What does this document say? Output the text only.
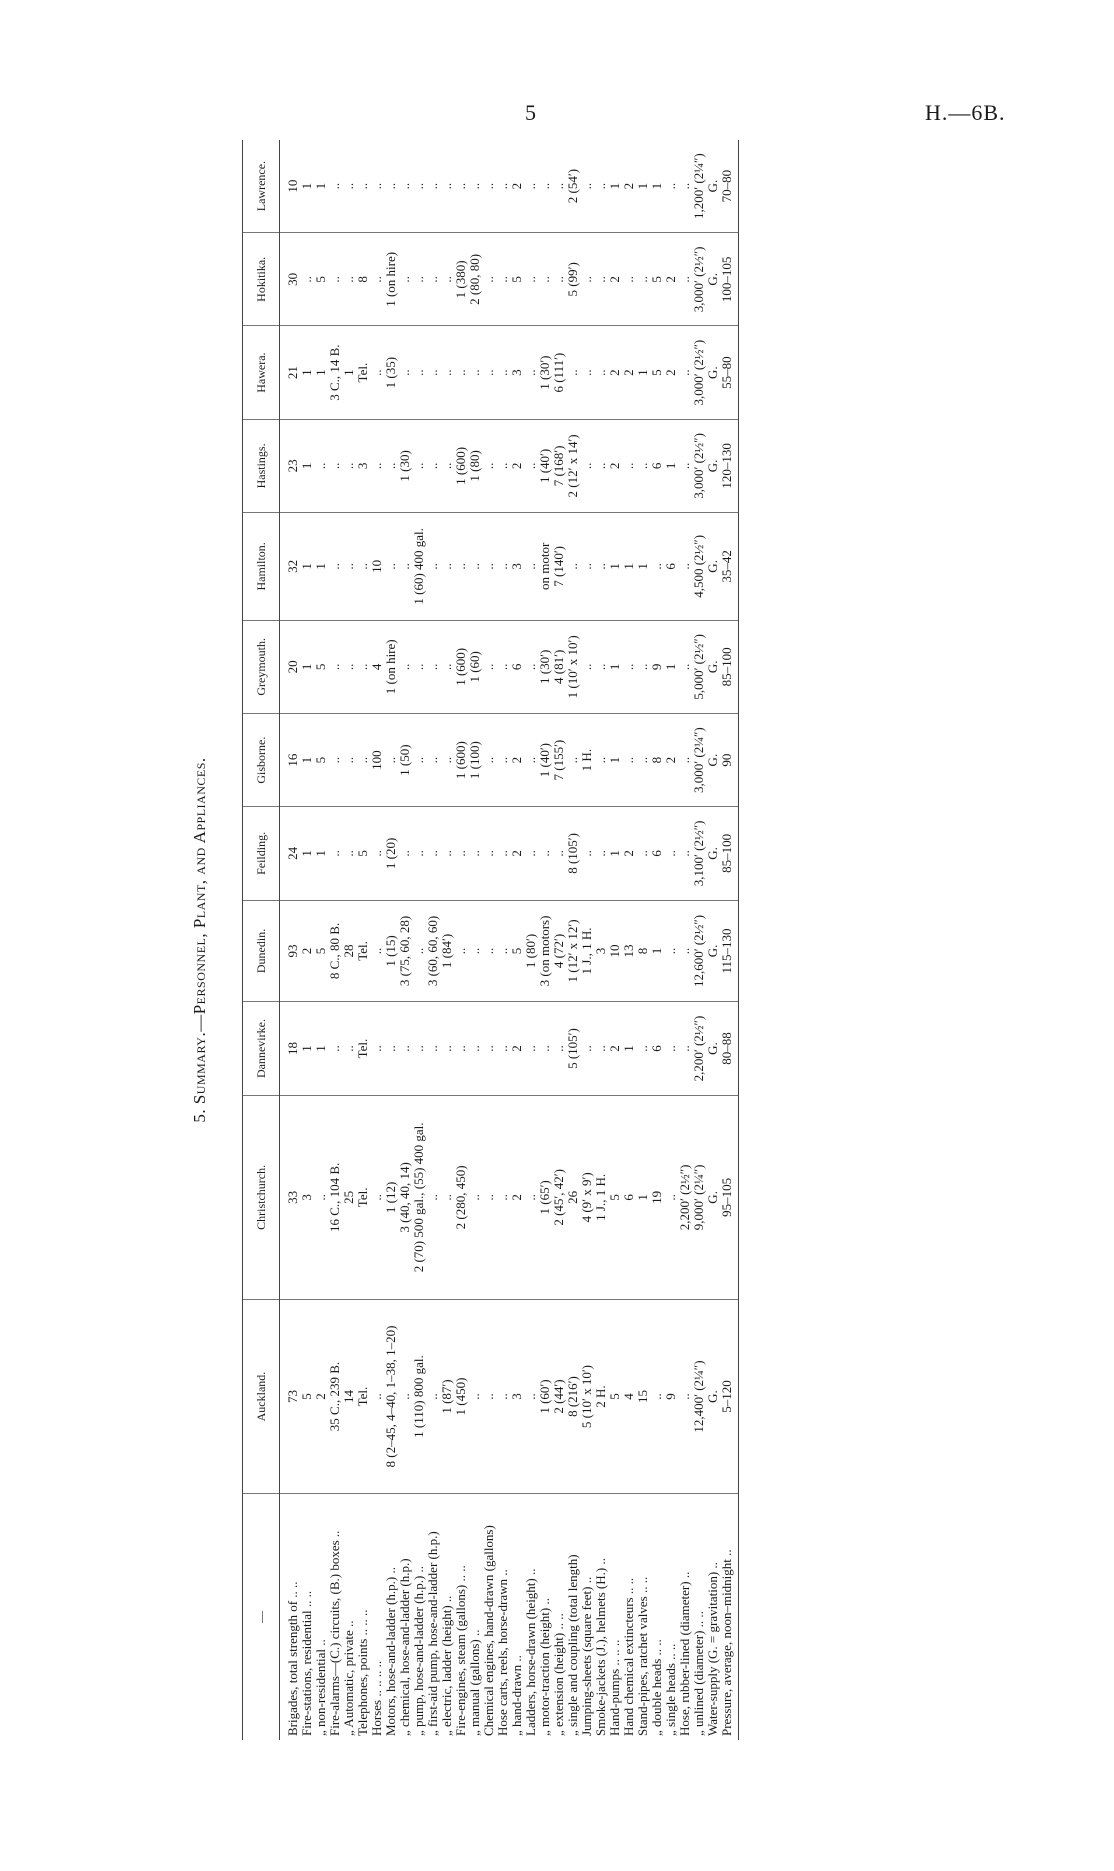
5	H.—6B.
5. Summary.—Personnel, Plant, and Appliances.
—	Auckland.	Christchurch.	Dannevirke.	Dunedin.	Feilding.	Gisborne.	Greymouth.	Hamilton.	Hastings.	Hawera.	Hokitika.	Lawrence.
Brigades, total strength of .. ..	73	33	18	93	24	16	20	32	23	21	30	10
Fire-stations, residential .. ..	5	3	1	2	1	1	1	1	1	1	..	1
„ non-residential ..	2	..	1	5	1	5	5	1	..	1	5	1
Fire-alarms—(C.) circuits, (B.) boxes ..	35 C., 239 B.	16 C., 104 B.	..	8 C., 80 B.	..	..	..	..	..	3 C., 14 B.	..	..
„ Automatic, private ..	14	25	..	28	..	..	..	..	..	1	..	..
Telephones, points .. .. ..	Tel.	Tel.	Tel.	Tel.	5	..	..	..	3	Tel.	8	..
Horses .. .. .. ..	..	..	..	..	..	100	4	10	..	..	..	..
Motors, hose-and-ladder (h.p.) ..	8 (2–45, 4–40, 1–38, 1–20)	1 (12)	..	1 (15)	1 (20)	..	1 (on hire)	..	..	1 (35)	1 (on hire)	..
„ chemical, hose-and-ladder (h.p.)	..	3 (40, 40, 14)	..	3 (75, 60, 28)	..	1 (50)	..	..	1 (30)	..	..	..
„ pump, hose-and-ladder (h.p.) ..	1 (110) 800 gal.	2 (70) 500 gal., (55) 400 gal.	..	..	..	..	..	1 (60) 400 gal.	..	..	..	..
„ first-aid pump, hose-and-ladder (h.p.)	..	..	..	3 (60, 60, 60)	..	..	..	..	..	..	..	..
„ electric, ladder (height) ..	1 (87′)	..	..	1 (84′)	..	..	..	..	..	..	..	..
Fire-engines, steam (gallons) .. ..	1 (450)	2 (280, 450)	..	..	..	1 (600)	1 (600)	..	1 (600)	..	1 (380)	..
„ manual (gallons) ..	..	..	..	..	..	1 (100)	1 (60)	..	1 (80)	..	2 (80, 80)	..
Chemical engines, hand-drawn (gallons)	..	..	..	..	..	..	..	..	..	..	..	..
Hose carts, reels, horse-drawn ..	..	..	..	..	..	..	..	..	..	..	..	..
„ hand-drawn ..	3	2	2	5	2	2	6	3	2	3	5	2
Ladders, horse-drawn (height) ..	..	..	..	1 (80′)	..	..	..	..	..	..	..	..
„ motor-traction (height) ..	1 (60′)	1 (65′)	..	3 (on motors)	..	1 (40′)	1 (30′)	on motor	1 (40′)	1 (30′)	..	..
„ extension (height) .. ..	2 (44′)	2 (45′, 42′)	..	4 (72′)	..	7 (155′)	4 (81′)	7 (140′)	7 (168′)	6 (111′)	..	..
„ single and coupling (total length)	8 (216′)	26	5 (105′)	1 (12′ x 12′)	8 (105′)	..	1 (10′ x 10′)	..	2 (12′ x 14′)	..	5 (99′)	2 (54′)
Jumping-sheets (square feet) ..	5 (10′ x 10′)	4 (9′ x 9′)	..	1 J., 1 H.	..	1 H.	..	..	..	..	..	..
Smoke-jackets (J.), helmets (H.) ..	2 H.	1 J., 1 H.	..	3	..	..	..	..	..	..	..	..
Hand-pumps .. .. ..	5	5	2	10	1	1	1	1	2	2	2	1
Hand chemical extincteurs .. ..	4	6	1	13	2	..	..	1	..	2	..	2
Stand-pipes, ratchet valves .. ..	15	1	..	8	..	..	..	1	..	1	..	1
„ double heads .. ..	..	19	6	1	6	8	9	..	6	5	5	1
„ single heads .. ..	9	..	..	..	..	2	1	6	1	2	2	..
Hose, rubber-lined (diameter) ..	..	2,200′ (2½″)	..	..	..	..	..	..	..	..	..	..
„ unlined (diameter) .. ..	12,400′ (2¼″)	9,000′ (2¼″)	2,200′ (2½″)	12,600′ (2½″)	3,100′ (2½″)	3,000′ (2¼″)	5,000′ (2½″)	4,500 (2½″)	3,000′ (2½″)	3,000′ (2½″)	3,000′ (2½″)	1,200′ (2¼″)
Water-supply (G. = gravitation) ..	G.	G.	G.	G.	G.	G.	G.	G.	G.	G.	G.	G.
Pressure, average, noon–midnight ..	5–120	95–105	80–88	115–130	85–100	90	85–100	35–42	120–130	55–80	100–105	70–80
